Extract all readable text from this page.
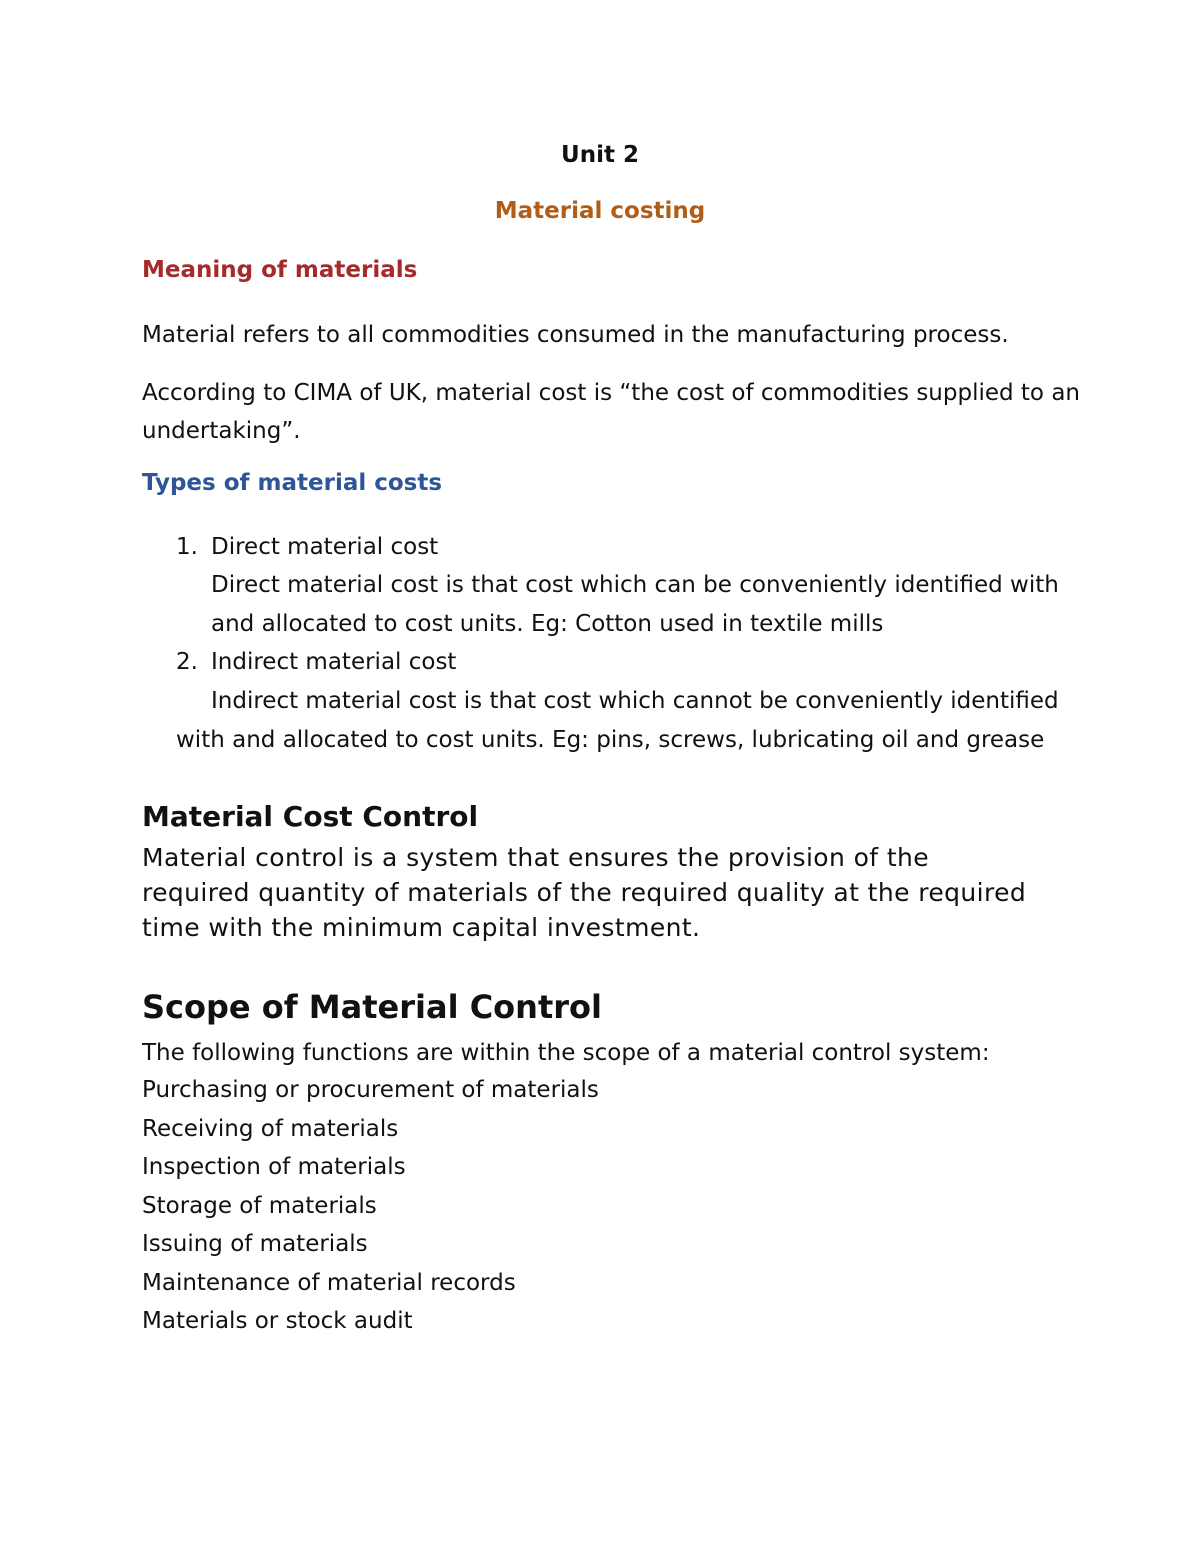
Unit 2

Material costing

Meaning of materials

Material refers to all commodities consumed in the manufacturing process.

According to CIMA of UK, material cost is “the cost of commodities supplied to an

undertaking”.

Types of material costs

1. Direct material cost

Direct material cost is that cost which can be conveniently identified with

and allocated to cost units. Eg: Cotton used in textile mills

2. Indirect material cost

Indirect material cost is that cost which cannot be conveniently identified

with and allocated to cost units. Eg: pins, screws, lubricating oil and grease

Material Cost Control

Material control is a system that ensures the provision of the

required quantity of materials of the required quality at the required

time with the minimum capital investment.

Scope of Material Control

The following functions are within the scope of a material control system:

Purchasing or procurement of materials

Receiving of materials

Inspection of materials

Storage of materials

Issuing of materials

Maintenance of material records

Materials or stock audit
